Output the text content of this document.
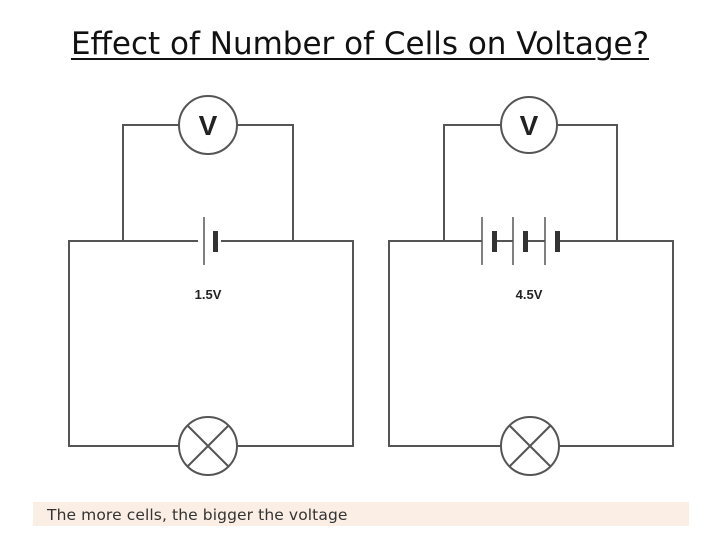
Effect of Number of Cells on Voltage?
V
1.5V
V
4.5V
The more cells, the bigger the voltage
